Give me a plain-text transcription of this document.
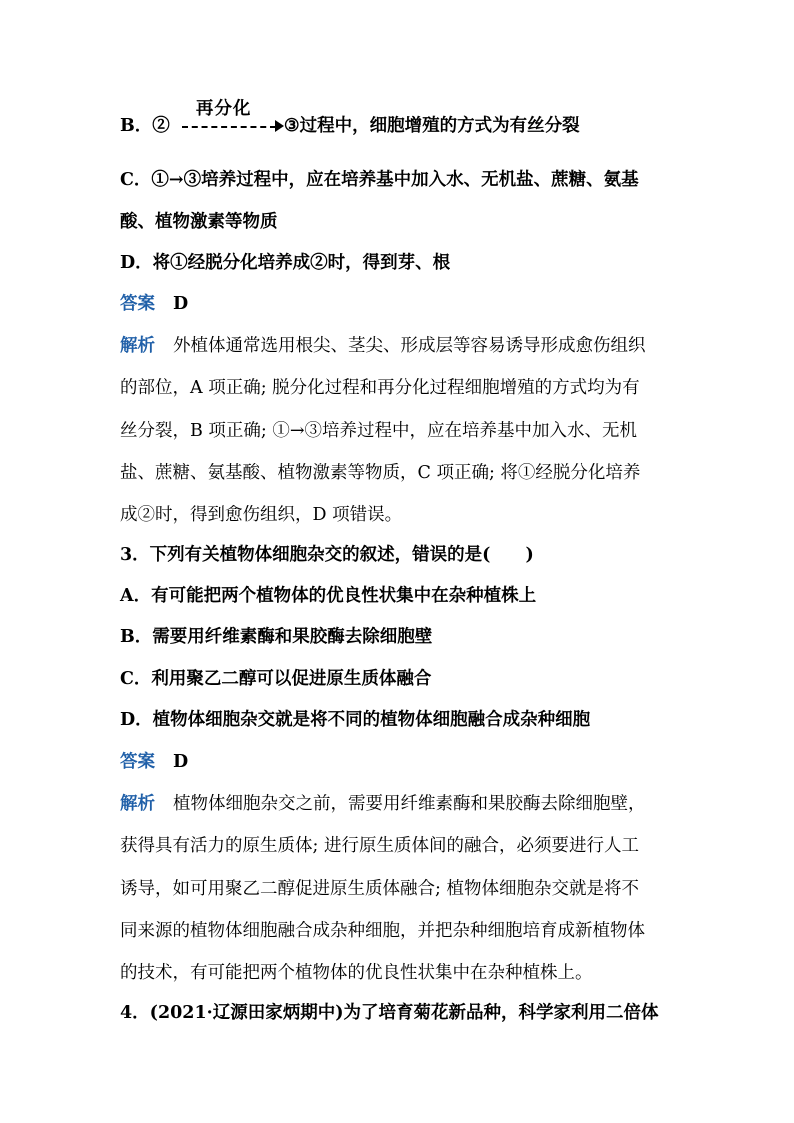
B．②
再分化
③过程中，细胞增殖的方式为有丝分裂
C．①→③培养过程中，应在培养基中加入水、无机盐、蔗糖、氨基
酸、植物激素等物质
D．将①经脱分化培养成②时，得到芽、根
答案 D
解析 外植体通常选用根尖、茎尖、形成层等容易诱导形成愈伤组织
的部位，A 项正确; 脱分化过程和再分化过程细胞增殖的方式均为有
丝分裂，B 项正确; ①→③培养过程中，应在培养基中加入水、无机
盐、蔗糖、氨基酸、植物激素等物质，C 项正确; 将①经脱分化培养
成②时，得到愈伤组织，D 项错误。
3．下列有关植物体细胞杂交的叙述，错误的是(　　)
A．有可能把两个植物体的优良性状集中在杂种植株上
B．需要用纤维素酶和果胶酶去除细胞壁
C．利用聚乙二醇可以促进原生质体融合
D．植物体细胞杂交就是将不同的植物体细胞融合成杂种细胞
答案 D
解析 植物体细胞杂交之前，需要用纤维素酶和果胶酶去除细胞壁，
获得具有活力的原生质体; 进行原生质体间的融合，必须要进行人工
诱导，如可用聚乙二醇促进原生质体融合; 植物体细胞杂交就是将不
同来源的植物体细胞融合成杂种细胞，并把杂种细胞培育成新植物体
的技术，有可能把两个植物体的优良性状集中在杂种植株上。
4．(2021·辽源田家炳期中)为了培育菊花新品种，科学家利用二倍体
